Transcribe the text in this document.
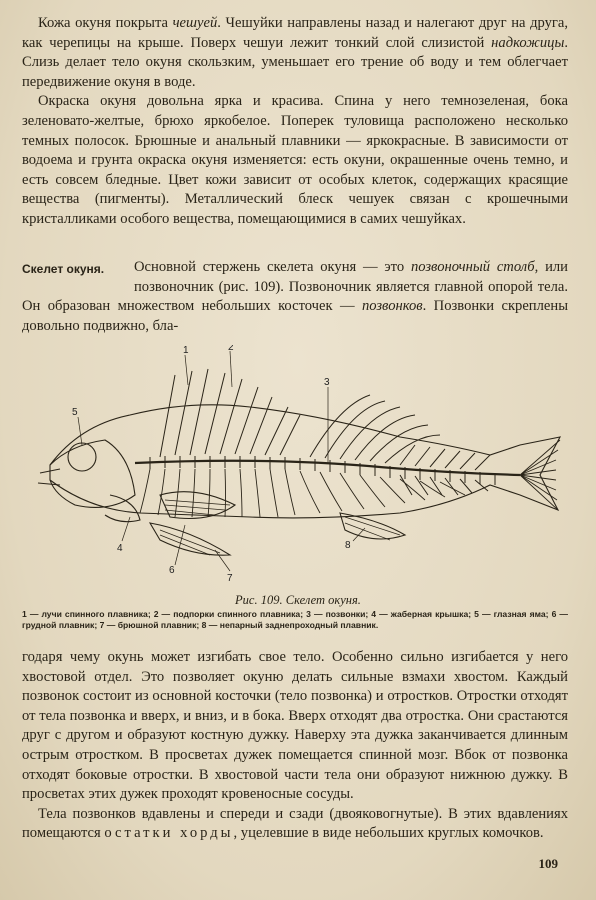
Кожа окуня покрыта чешуей. Чешуйки направлены назад и налегают друг на друга, как черепицы на крыше. Поверх чешуи лежит тонкий слой слизистой надкожицы. Слизь делает тело окуня скользким, уменьшает его трение об воду и тем облегчает передвижение окуня в воде.

Окраска окуня довольна ярка и красива. Спина у него темнозеленая, бока зеленовато-желтые, брюхо яркобелое. Поперек туловища расположено несколько темных полосок. Брюшные и анальный плавники — яркокрасные. В зависимости от водоема и грунта окраска окуня изменяется: есть окуни, окрашенные очень темно, и есть совсем бледные. Цвет кожи зависит от особых клеток, содержащих красящие вещества (пигменты). Металлический блеск чешуек связан с крошечными кристалликами особого вещества, помещающимися в самих чешуйках.

Скелет окуня.	Основной стержень скелета окуня — это позвоночный столб, или позвоночник (рис. 109). Позвоночник является главной опорой тела. Он образован множеством небольших косточек — позвонков. Позвонки скреплены довольно подвижно, бла-

1	2
3
4
5
6
7
8
Рис. 109. Скелет окуня.
1 — лучи спинного плавника; 2 — подпорки спинного плавника; 3 — позвонки; 4 — жаберная крышка; 5 — глазная яма; 6 — грудной плавник; 7 — брюшной плавник; 8 — непарный заднепроходный плавник.

годаря чему окунь может изгибать свое тело. Особенно сильно изгибается у него хвостовой отдел. Это позволяет окуню делать сильные взмахи хвостом. Каждый позвонок состоит из основной косточки (тело позвонка) и отростков. Отростки отходят от тела позвонка и вверх, и вниз, и в бока. Вверх отходят два отростка. Они срастаются друг с другом и образуют костную дужку. Наверху эта дужка заканчивается длинным острым отростком. В просветах дужек помещается спинной мозг. Вбок от позвонка отходят боковые отростки. В хвостовой части тела они образуют нижнюю дужку. В просветах этих дужек проходят кровеносные сосуды.

Тела позвонков вдавлены и спереди и сзади (двояковогнутые). В этих вдавлениях помещаются остатки хорды, уцелевшие в виде небольших круглых комочков.

109
